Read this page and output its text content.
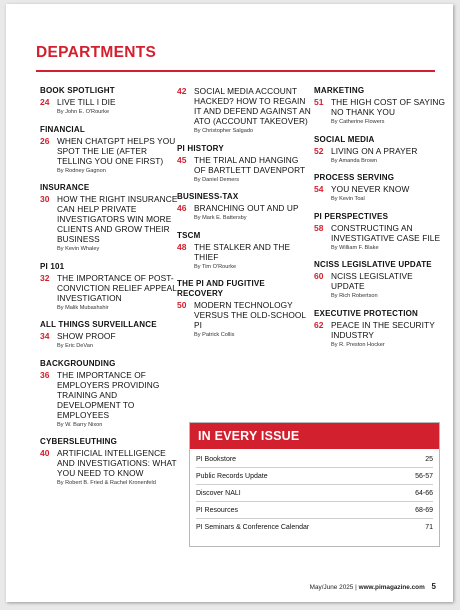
DEPARTMENTS
BOOK SPOTLIGHT
24 LIVE TILL I DIE
By John E. O'Rourke
FINANCIAL
26 WHEN CHATGPT HELPS YOU SPOT THE LIE (AFTER TELLING YOU ONE FIRST)
By Rodney Gagnon
INSURANCE
30 HOW THE RIGHT INSURANCE CAN HELP PRIVATE INVESTIGATORS WIN MORE CLIENTS AND GROW THEIR BUSINESS
By Kevin Whaley
PI 101
32 THE IMPORTANCE OF POST-CONVICTION RELIEF APPEAL INVESTIGATION
By Malik Mubashshir
ALL THINGS SURVEILLANCE
34 SHOW PROOF
By Eric DeVan
BACKGROUNDING
36 THE IMPORTANCE OF EMPLOYERS PROVIDING TRAINING AND DEVELOPMENT TO EMPLOYEES
By W. Barry Nixon
CYBERSLEUTHING
40 ARTIFICIAL INTELLIGENCE AND INVESTIGATIONS: WHAT YOU NEED TO KNOW
By Robert B. Fried & Rachel Kronenfeld
42 SOCIAL MEDIA ACCOUNT HACKED? HOW TO REGAIN IT AND DEFEND AGAINST AN ATO (ACCOUNT TAKEOVER)
By Christopher Salgado
PI HISTORY
45 THE TRIAL AND HANGING OF BARTLETT DAVENPORT
By Daniel Demers
BUSINESS-TAX
46 BRANCHING OUT AND UP
By Mark E. Battersby
TSCM
48 THE STALKER AND THE THIEF
By Tim O'Rourke
THE PI AND FUGITIVE RECOVERY
50 MODERN TECHNOLOGY VERSUS THE OLD-SCHOOL PI
By Patrick Collis
MARKETING
51 THE HIGH COST OF SAYING NO THANK YOU
By Catherine Flowers
SOCIAL MEDIA
52 LIVING ON A PRAYER
By Amanda Brown
PROCESS SERVING
54 YOU NEVER KNOW
By Kevin Toal
PI PERSPECTIVES
58 CONSTRUCTING AN INVESTIGATIVE CASE FILE
By William F. Blake
NCISS LEGISLATIVE UPDATE
60 NCISS LEGISLATIVE UPDATE
By Rich Robertson
EXECUTIVE PROTECTION
62 PEACE IN THE SECURITY INDUSTRY
By R. Preston Hocker
IN EVERY ISSUE
PI Bookstore	25
Public Records Update	56-57
Discover NALI	64-66
PI Resources	68-69
PI Seminars & Conference Calendar	71
May/June 2025 | www.pimagazine.com 5
